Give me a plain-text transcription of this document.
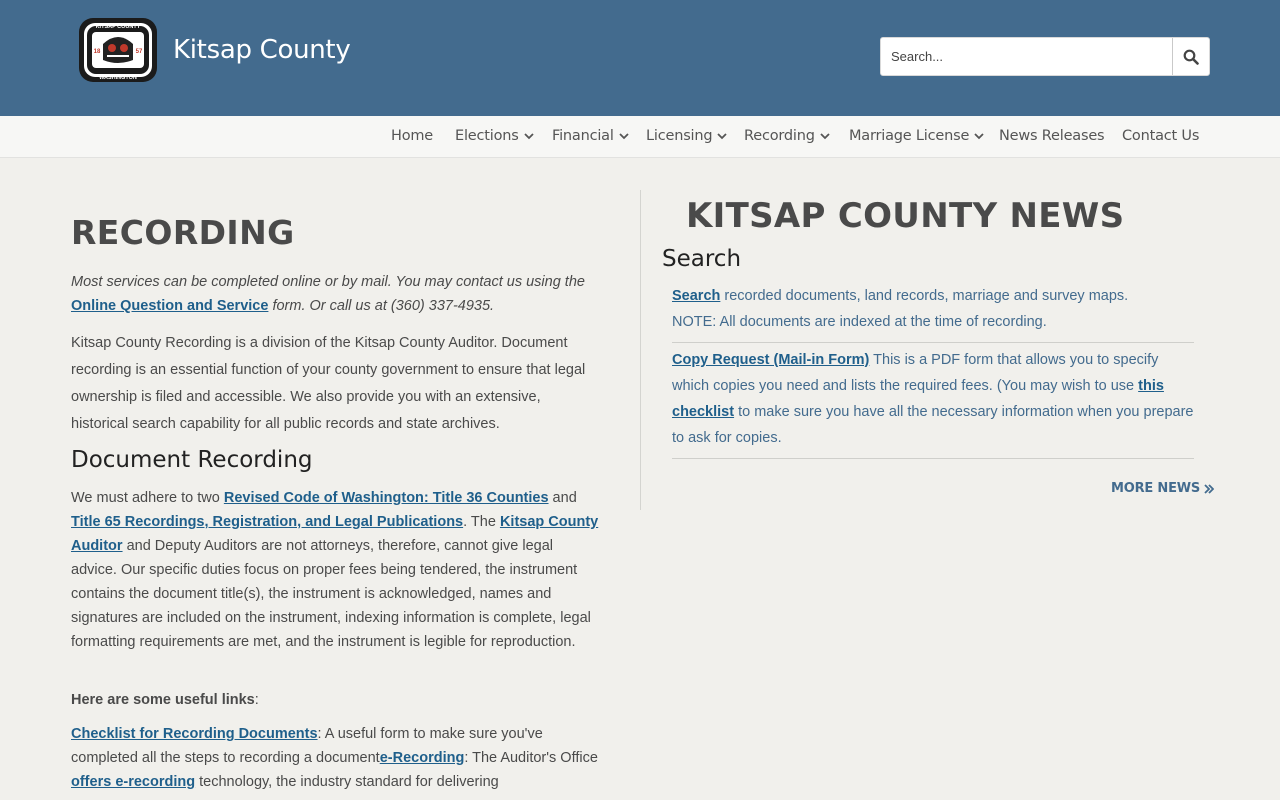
KITSAP COUNTY
WASHINGTON
18	57 Kitsap County
Search...
Home Elections Financial Licensing Recording Marriage License News Releases Contact Us
RECORDING
Most services can be completed online or by mail. You may contact us using the Online Question and Service form. Or call us at (360) 337-4935.
Kitsap County Recording is a division of the Kitsap County Auditor. Document recording is an essential function of your county government to ensure that legal ownership is filed and accessible. We also provide you with an extensive, historical search capability for all public records and state archives.
Document Recording
We must adhere to two Revised Code of Washington: Title 36 Counties and Title 65 Recordings, Registration, and Legal Publications. The Kitsap County Auditor and Deputy Auditors are not attorneys, therefore, cannot give legal advice. Our specific duties focus on proper fees being tendered, the instrument contains the document title(s), the instrument is acknowledged, names and signatures are included on the instrument, indexing information is complete, legal formatting requirements are met, and the instrument is legible for reproduction.
Here are some useful links:
Checklist for Recording Documents: A useful form to make sure you've completed all the steps to recording a documente-Recording: The Auditor's Office offers e-recording technology, the industry standard for delivering
KITSAP COUNTY NEWS
Search
Search recorded documents, land records, marriage and survey maps.
NOTE: All documents are indexed at the time of recording.
Copy Request (Mail-in Form) This is a PDF form that allows you to specify which copies you need and lists the required fees. (You may wish to use this checklist to make sure you have all the necessary information when you prepare to ask for copies.
MORE NEWS
